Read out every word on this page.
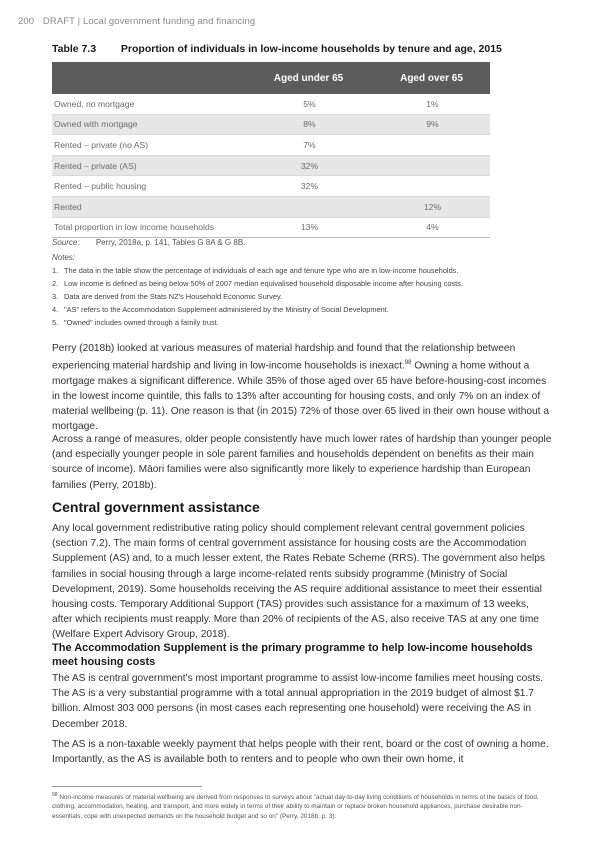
200 DRAFT | Local government funding and financing
Table 7.3 Proportion of individuals in low-income households by tenure and age, 2015
	Aged under 65	Aged over 65
Owned, no mortgage	5%	1%
Owned with mortgage	8%	9%
Rented – private (no AS)	7%	
Rented – private (AS)	32%	
Rented – public housing	32%	
Rented		12%
Total proportion in low income households	13%	4%
Source: Perry, 2018a, p. 141, Tables G 8A & G 8B.
Notes:
1. The data in the table show the percentage of individuals of each age and tenure type who are in low-income households.
2. Low income is defined as being below 50% of 2007 median equivalised household disposable income after housing costs.
3. Data are derived from the Stats NZ's Household Economic Survey.
4. "AS" refers to the Accommodation Supplement administered by the Ministry of Social Development.
5. "Owned" includes owned through a family trust.
Perry (2018b) looked at various measures of material hardship and found that the relationship between experiencing material hardship and living in low-income households is inexact.$^{98}$ Owning a home without a mortgage makes a significant difference. While 35% of those aged over 65 have before-housing-cost incomes in the lowest income quintile, this falls to 13% after accounting for housing costs, and only 7% on an index of material wellbeing (p. 11). One reason is that (in 2015) 72% of those over 65 lived in their own house without a mortgage.
Across a range of measures, older people consistently have much lower rates of hardship than younger people (and especially younger people in sole parent families and households dependent on benefits as their main source of income). Māori families were also significantly more likely to experience hardship than European families (Perry, 2018b).
Central government assistance
Any local government redistributive rating policy should complement relevant central government policies (section 7.2). The main forms of central government assistance for housing costs are the Accommodation Supplement (AS) and, to a much lesser extent, the Rates Rebate Scheme (RRS). The government also helps families in social housing through a large income-related rents subsidy programme (Ministry of Social Development, 2019). Some households receiving the AS require additional assistance to meet their essential housing costs. Temporary Additional Support (TAS) provides such assistance for a maximum of 13 weeks, after which recipients must reapply. More than 20% of recipients of the AS, also receive TAS at any one time (Welfare Expert Advisory Group, 2018).
The Accommodation Supplement is the primary programme to help low-income households meet housing costs
The AS is central government's most important programme to assist low-income families meet housing costs. The AS is a very substantial programme with a total annual appropriation in the 2019 budget of almost $1.7 billion. Almost 303 000 persons (in most cases each representing one household) were receiving the AS in December 2018.
The AS is a non-taxable weekly payment that helps people with their rent, board or the cost of owning a home. Importantly, as the AS is available both to renters and to people who own their own home, it
$^{98}$ Non-income measures of material wellbeing are derived from responses to surveys about "actual day-to-day living conditions of households in terms of the basics of food, clothing, accommodation, heating, and transport, and more widely in terms of their ability to maintain or replace broken household appliances, purchase desirable non-essentials, cope with unexpected demands on the household budget and so on" (Perry, 2018b, p. 3).
